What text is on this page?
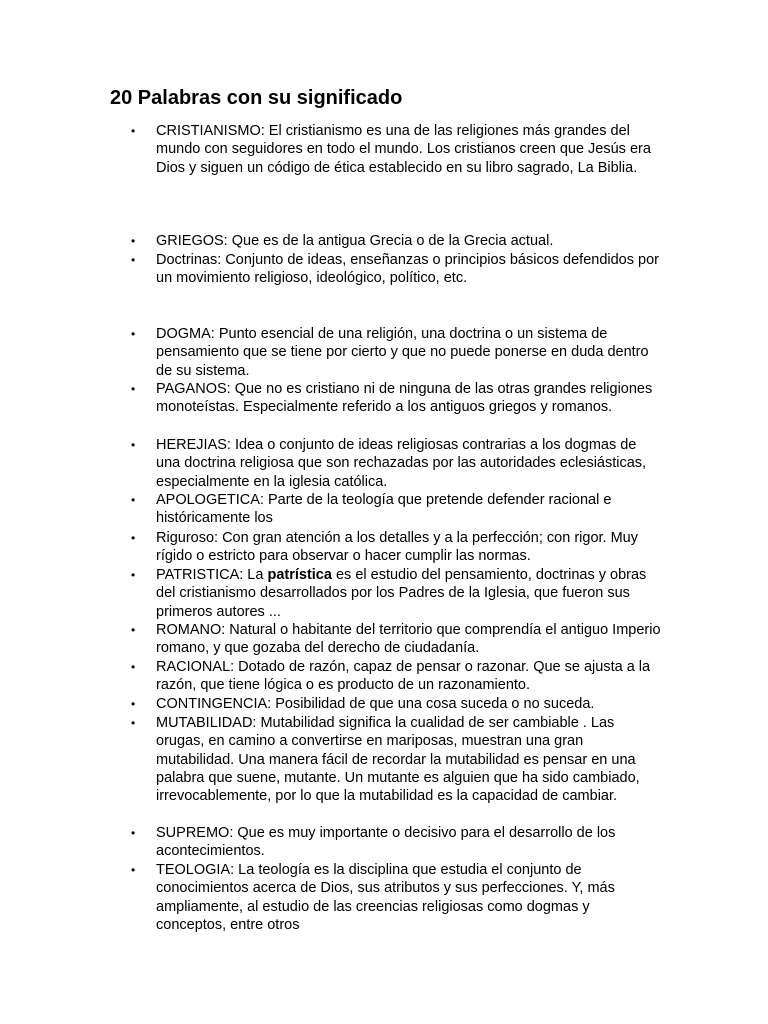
20 Palabras con su significado
• CRISTIANISMO: El cristianismo es una de las religiones más grandes del mundo con seguidores en todo el mundo. Los cristianos creen que Jesús era Dios y siguen un código de ética establecido en su libro sagrado, La Biblia.
• GRIEGOS: Que es de la antigua Grecia o de la Grecia actual.
• Doctrinas: Conjunto de ideas, enseñanzas o principios básicos defendidos por un movimiento religioso, ideológico, político, etc.
• DOGMA: Punto esencial de una religión, una doctrina o un sistema de pensamiento que se tiene por cierto y que no puede ponerse en duda dentro de su sistema.
• PAGANOS: Que no es cristiano ni de ninguna de las otras grandes religiones monoteístas. Especialmente referido a los antiguos griegos y romanos.
• HEREJIAS: Idea o conjunto de ideas religiosas contrarias a los dogmas de una doctrina religiosa que son rechazadas por las autoridades eclesiásticas, especialmente en la iglesia católica.
• APOLOGETICA: Parte de la teología que pretende defender racional e históricamente los
• Riguroso: Con gran atención a los detalles y a la perfección; con rigor. Muy rígido o estricto para observar o hacer cumplir las normas.
• PATRISTICA: La patrística es el estudio del pensamiento, doctrinas y obras del cristianismo desarrollados por los Padres de la Iglesia, que fueron sus primeros autores ...
• ROMANO: Natural o habitante del territorio que comprendía el antiguo Imperio romano, y que gozaba del derecho de ciudadanía.
• RACIONAL: Dotado de razón, capaz de pensar o razonar. Que se ajusta a la razón, que tiene lógica o es producto de un razonamiento.
• CONTINGENCIA: Posibilidad de que una cosa suceda o no suceda.
• MUTABILIDAD: Mutabilidad significa la cualidad de ser cambiable . Las orugas, en camino a convertirse en mariposas, muestran una gran mutabilidad. Una manera fácil de recordar la mutabilidad es pensar en una palabra que suene, mutante. Un mutante es alguien que ha sido cambiado, irrevocablemente, por lo que la mutabilidad es la capacidad de cambiar.
• SUPREMO: Que es muy importante o decisivo para el desarrollo de los acontecimientos.
• TEOLOGIA: La teología es la disciplina que estudia el conjunto de conocimientos acerca de Dios, sus atributos y sus perfecciones. Y, más ampliamente, al estudio de las creencias religiosas como dogmas y conceptos, entre otros
